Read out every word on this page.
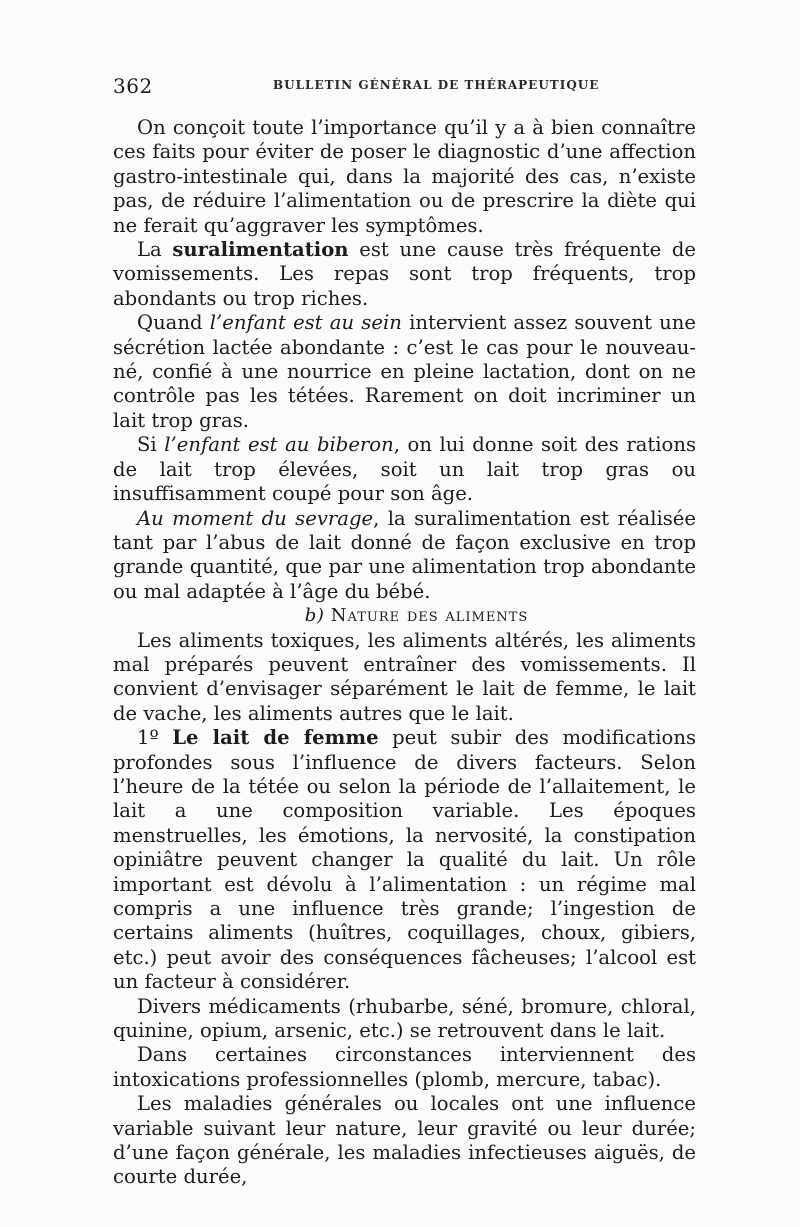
362	BULLETIN GÉNÉRAL DE THÉRAPEUTIQUE

On conçoit toute l’importance qu’il y a à bien connaître ces faits pour éviter de poser le diagnostic d’une affection gastro-intestinale qui, dans la majorité des cas, n’existe pas, de réduire l’alimentation ou de prescrire la diète qui ne ferait qu’aggraver les symptômes.

La suralimentation est une cause très fréquente de vomissements. Les repas sont trop fréquents, trop abondants ou trop riches.

Quand l’enfant est au sein intervient assez souvent une sécrétion lactée abondante : c’est le cas pour le nouveau-né, confié à une nourrice en pleine lactation, dont on ne contrôle pas les tétées. Rarement on doit incriminer un lait trop gras.

Si l’enfant est au biberon, on lui donne soit des rations de lait trop élevées, soit un lait trop gras ou insuffisamment coupé pour son âge.

Au moment du sevrage, la suralimentation est réalisée tant par l’abus de lait donné de façon exclusive en trop grande quantité, que par une alimentation trop abondante ou mal adaptée à l’âge du bébé.

b) Nature des aliments

Les aliments toxiques, les aliments altérés, les aliments mal préparés peuvent entraîner des vomissements. Il convient d’envisager séparément le lait de femme, le lait de vache, les aliments autres que le lait.

1º Le lait de femme peut subir des modifications profondes sous l’influence de divers facteurs. Selon l’heure de la tétée ou selon la période de l’allaitement, le lait a une composition variable. Les époques menstruelles, les émotions, la nervosité, la constipation opiniâtre peuvent changer la qualité du lait. Un rôle important est dévolu à l’alimentation : un régime mal compris a une influence très grande; l’ingestion de certains aliments (huîtres, coquillages, choux, gibiers, etc.) peut avoir des conséquences fâcheuses; l’alcool est un facteur à considérer.

Divers médicaments (rhubarbe, séné, bromure, chloral, quinine, opium, arsenic, etc.) se retrouvent dans le lait.

Dans certaines circonstances interviennent des intoxications professionnelles (plomb, mercure, tabac).

Les maladies générales ou locales ont une influence variable suivant leur nature, leur gravité ou leur durée; d’une façon générale, les maladies infectieuses aiguës, de courte durée,
